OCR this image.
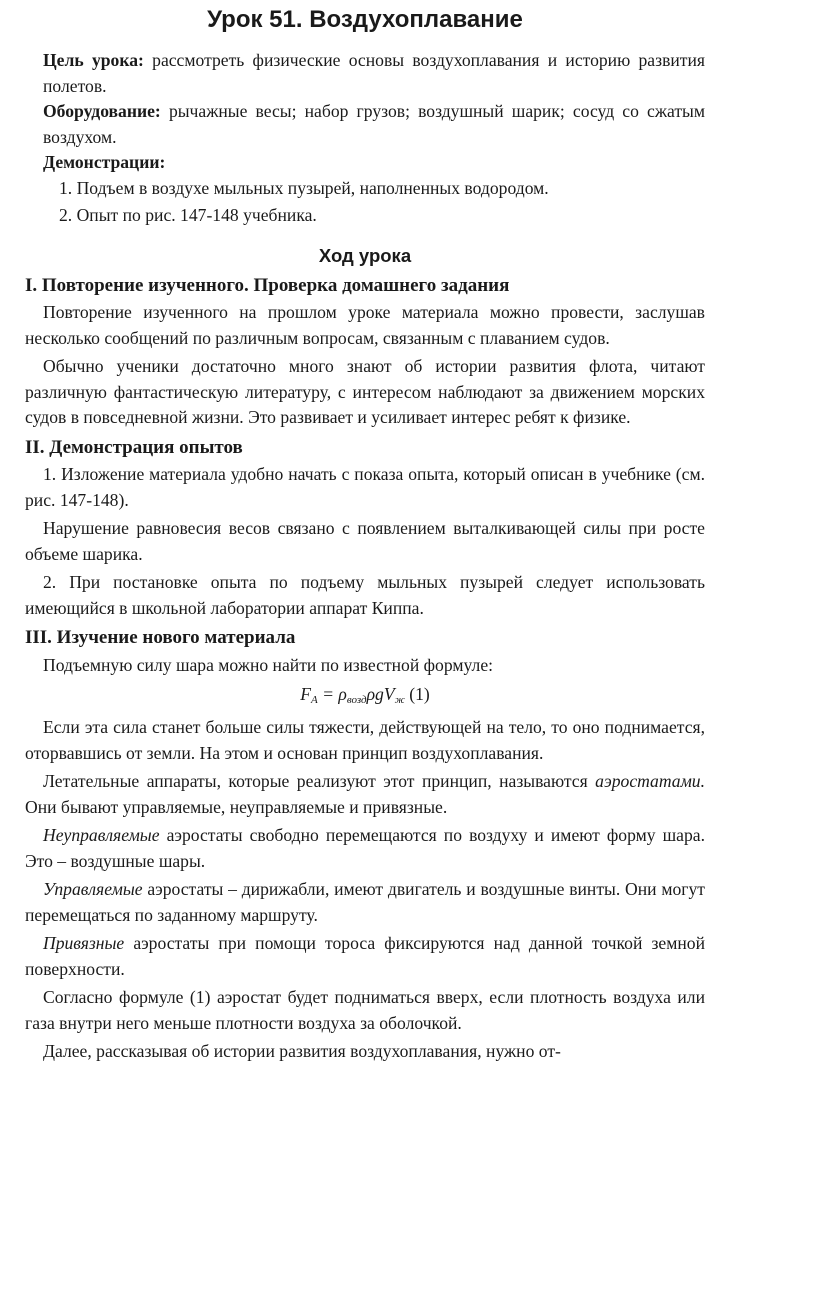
Урок 51. Воздухоплавание

Цель урока: рассмотреть физические основы воздухоплавания и историю развития полетов.

Оборудование: рычажные весы; набор грузов; воздушный шарик; сосуд со сжатым воздухом.

Демонстрации:

1. Подъем в воздухе мыльных пузырей, наполненных водородом.

2. Опыт по рис. 147-148 учебника.

Ход урока

I. Повторение изученного. Проверка домашнего задания

Повторение изученного на прошлом уроке материала можно провести, заслушав несколько сообщений по различным вопросам, связанным с плаванием судов.

Обычно ученики достаточно много знают об истории развития флота, читают различную фантастическую литературу, с интересом наблюдают за движением морских судов в повседневной жизни. Это развивает и усиливает интерес ребят к физике.

II. Демонстрация опытов

1. Изложение материала удобно начать с показа опыта, который описан в учебнике (см. рис. 147-148).

Нарушение равновесия весов связано с появлением выталкивающей силы при росте объеме шарика.

2. При постановке опыта по подъему мыльных пузырей следует использовать имеющийся в школьной лаборатории аппарат Киппа.

III. Изучение нового материала

Подъемную силу шара можно найти по известной формуле:

$F_A = \rho_{возд}\rho gV_ж$ (1)

Если эта сила станет больше силы тяжести, действующей на тело, то оно поднимается, оторвавшись от земли. На этом и основан принцип воздухоплавания.

Летательные аппараты, которые реализуют этот принцип, называются аэростатами. Они бывают управляемые, неуправляемые и привязные.

Неуправляемые аэростаты свободно перемещаются по воздуху и имеют форму шара. Это – воздушные шары.

Управляемые аэростаты – дирижабли, имеют двигатель и воздушные винты. Они могут перемещаться по заданному маршруту.

Привязные аэростаты при помощи тороса фиксируются над данной точкой земной поверхности.

Согласно формуле (1) аэростат будет подниматься вверх, если плотность воздуха или газа внутри него меньше плотности воздуха за оболочкой.

Далее, рассказывая об истории развития воздухоплавания, нужно от-
